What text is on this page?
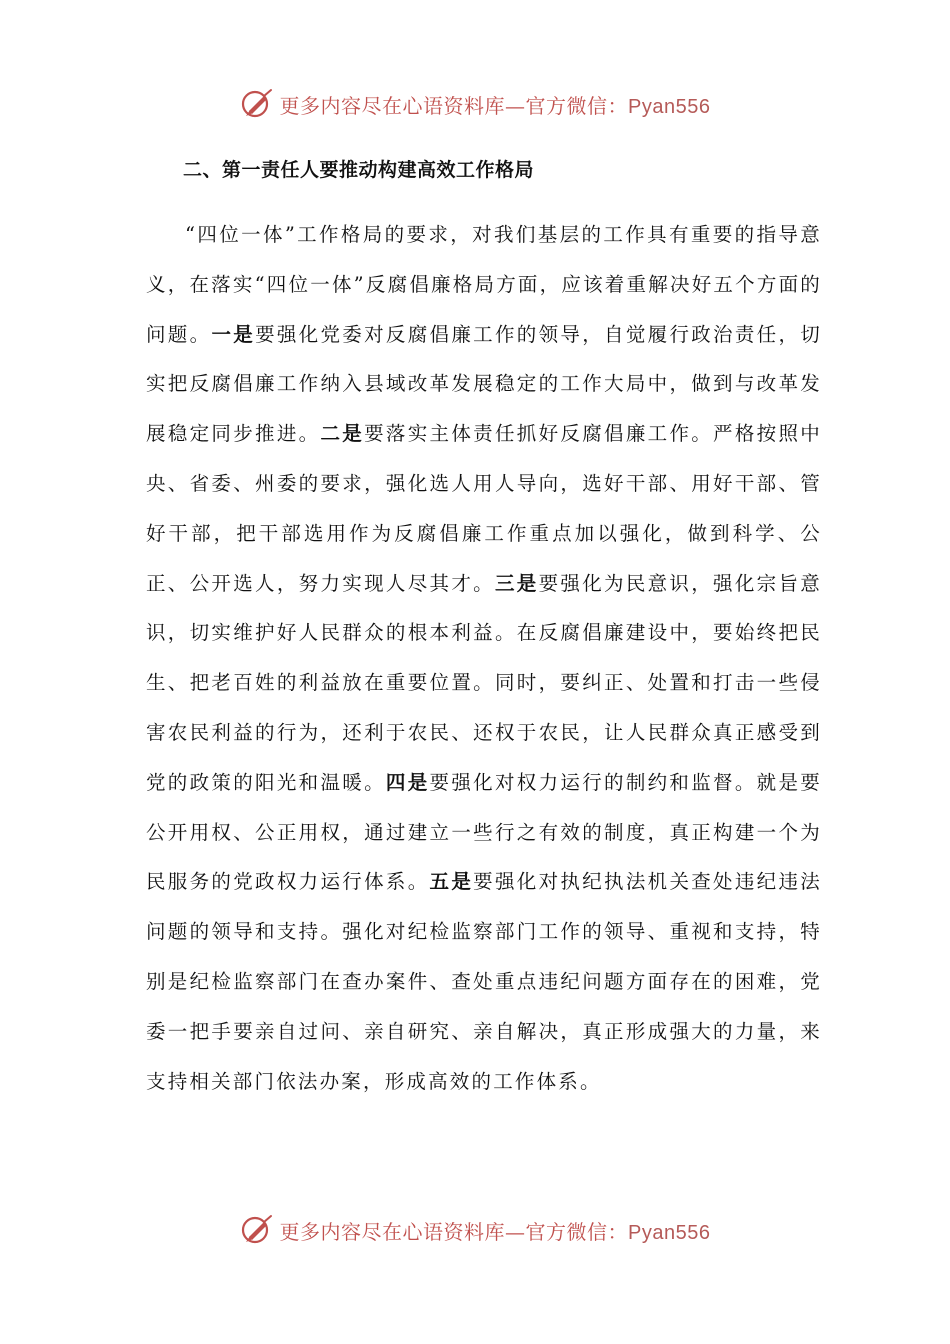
更多内容尽在心语资料库—官方微信：Pyan556
二、第一责任人要推动构建高效工作格局

“四位一体”工作格局的要求，对我们基层的工作具有重要的指导意义，在落实“四位一体”反腐倡廉格局方面，应该着重解决好五个方面的问题。一是要强化党委对反腐倡廉工作的领导，自觉履行政治责任，切实把反腐倡廉工作纳入县域改革发展稳定的工作大局中，做到与改革发展稳定同步推进。二是要落实主体责任抓好反腐倡廉工作。严格按照中央、省委、州委的要求，强化选人用人导向，选好干部、用好干部、管好干部，把干部选用作为反腐倡廉工作重点加以强化，做到科学、公正、公开选人，努力实现人尽其才。三是要强化为民意识，强化宗旨意识，切实维护好人民群众的根本利益。在反腐倡廉建设中，要始终把民生、把老百姓的利益放在重要位置。同时，要纠正、处置和打击一些侵害农民利益的行为，还利于农民、还权于农民，让人民群众真正感受到党的政策的阳光和温暖。四是要强化对权力运行的制约和监督。就是要公开用权、公正用权，通过建立一些行之有效的制度，真正构建一个为民服务的党政权力运行体系。五是要强化对执纪执法机关查处违纪违法问题的领导和支持。强化对纪检监察部门工作的领导、重视和支持，特别是纪检监察部门在查办案件、查处重点违纪问题方面存在的困难，党委一把手要亲自过问、亲自研究、亲自解决，真正形成强大的力量，来支持相关部门依法办案，形成高效的工作体系。

更多内容尽在心语资料库—官方微信：Pyan556
